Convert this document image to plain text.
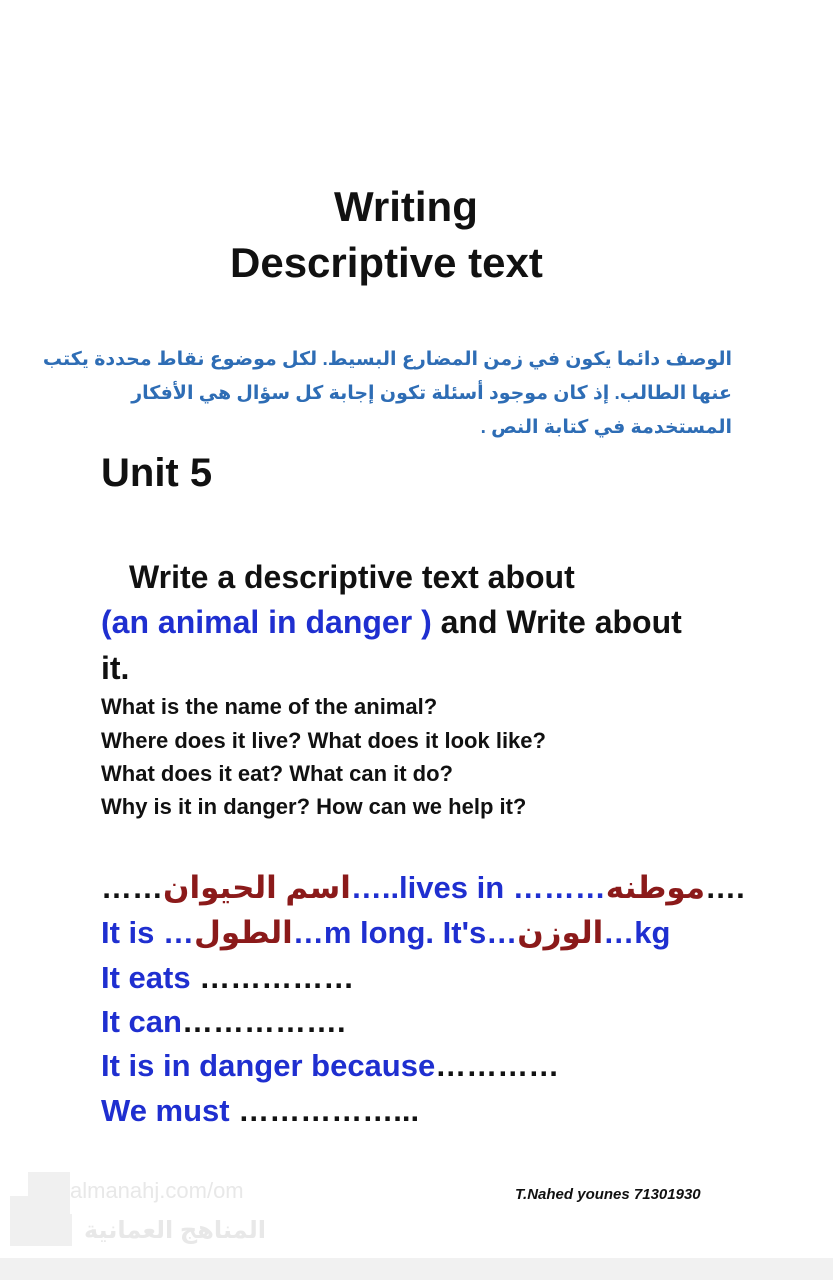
Writing
Descriptive text
الوصف دائما يكون في زمن المضارع البسيط. لكل موضوع نقاط محددة يكتب
عنها الطالب. إذ كان موجود أسئلة تكون إجابة كل سؤال هي الأفكار
المستخدمة في كتابة النص .
Unit 5
Write a descriptive text about
(an animal in danger ) and Write about
it.
What is the name of the animal?
Where does it live? What does it look like?
What does it eat? What can it do?
Why is it in danger? How can we help it?
……اسم الحيوان…..lives in ………موطنه….
It is …الطول…m long. It's…الوزن…kg
It eats ……………
It can…………….
It is in danger because…………
We must ……………...
almanahj.com/om
المناهج العمانية
T.Nahed younes 71301930
